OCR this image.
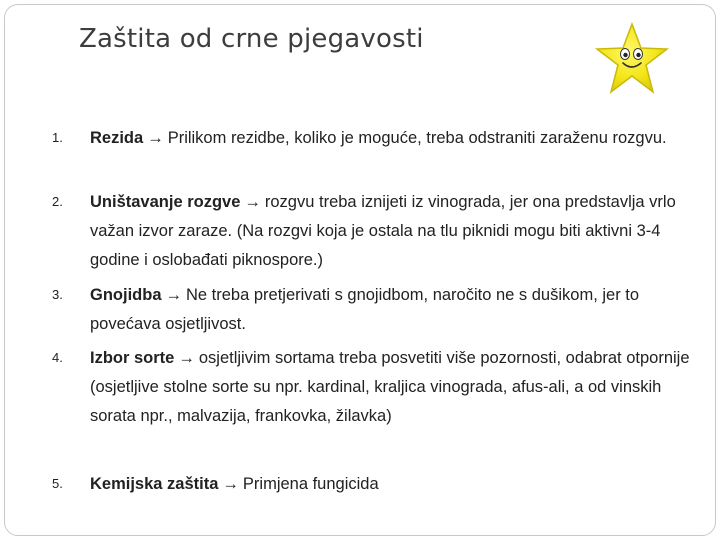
Zaštita od crne pjegavosti
1. Rezida → Prilikom rezidbe, koliko je moguće, treba odstraniti zaraženu rozgvu.
2. Uništavanje rozgve → rozgvu treba iznijeti iz vinograda, jer ona predstavlja vrlo važan izvor zaraze. (Na rozgvi koja je ostala na tlu piknidi mogu biti aktivni 3-4 godine i oslobađati piknospore.)
3. Gnojidba → Ne treba pretjerivati s gnojidbom, naročito ne s dušikom, jer to povećava osjetljivost.
4. Izbor sorte → osjetljivim sortama treba posvetiti više pozornosti, odabrat otpornije (osjetljive stolne sorte su npr. kardinal, kraljica vinograda, afus-ali, a od vinskih sorata npr., malvazija, frankovka, žilavka)
5. Kemijska zaštita → Primjena fungicida
